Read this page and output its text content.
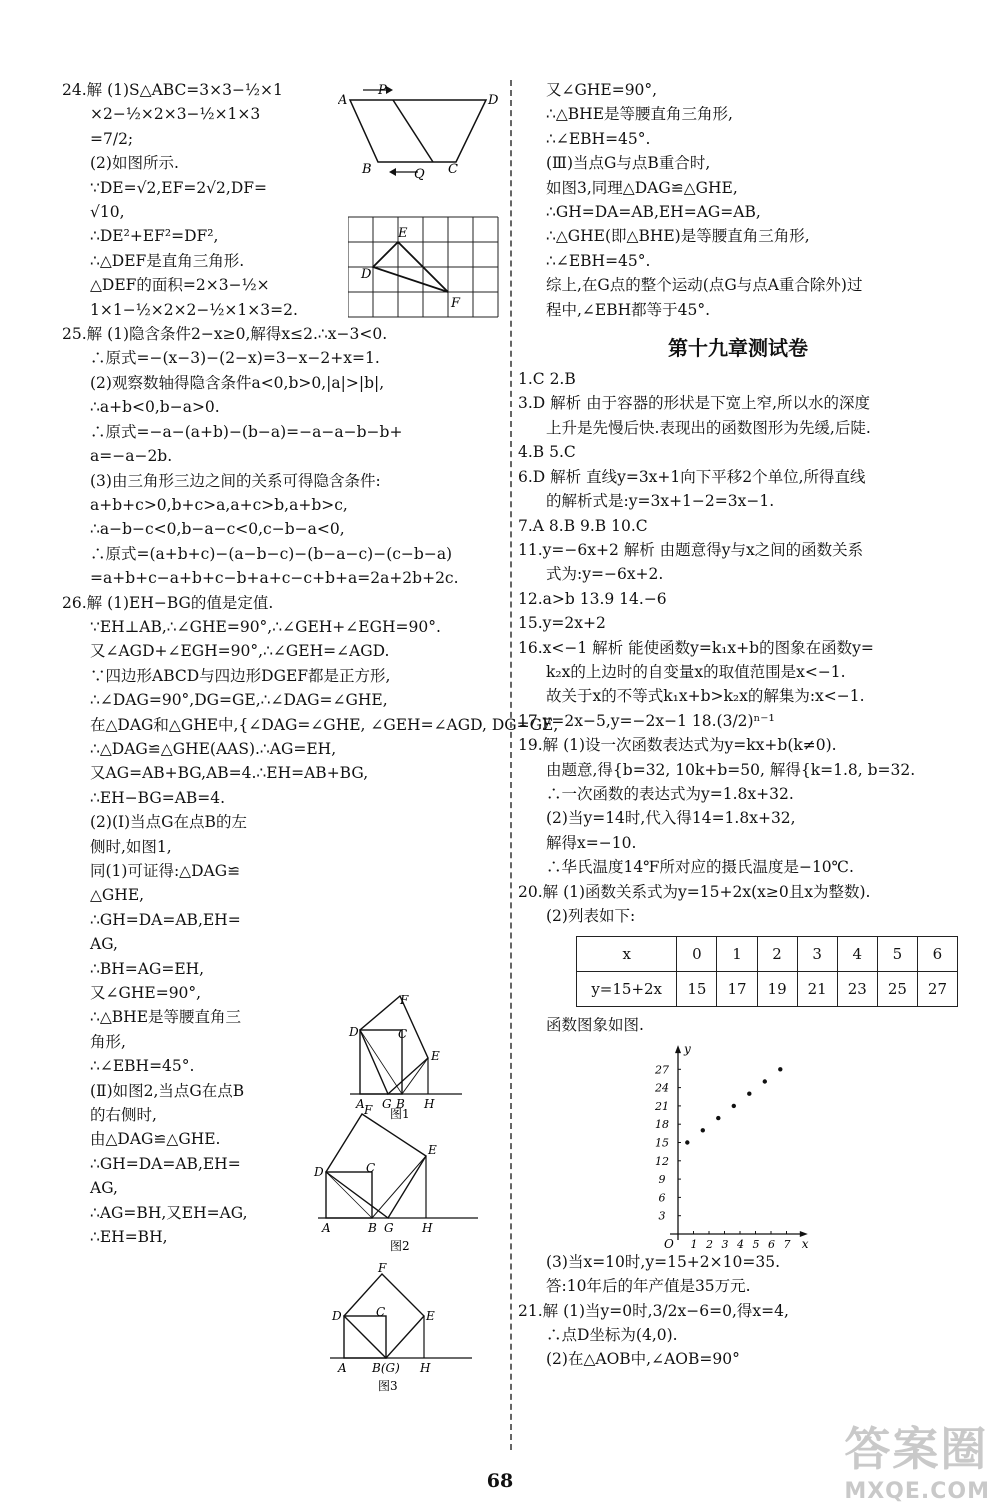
24.解 (1)S△ABC=3×3−½×1
×2−½×2×3−½×1×3
=7/2;
(2)如图所示.
∵DE=√2,EF=2√2,DF=
√10,
∴DE²+EF²=DF²,
∴△DEF是直角三角形.
△DEF的面积=2×3−½×
1×1−½×2×2−½×1×3=2.
25.解 (1)隐含条件2−x≥0,解得x≤2.∴x−3<0.
∴原式=−(x−3)−(2−x)=3−x−2+x=1.
(2)观察数轴得隐含条件a<0,b>0,|a|>|b|,
∴a+b<0,b−a>0.
∴原式=−a−(a+b)−(b−a)=−a−a−b−b+
a=−a−2b.
(3)由三角形三边之间的关系可得隐含条件:
a+b+c>0,b+c>a,a+c>b,a+b>c,
∴a−b−c<0,b−a−c<0,c−b−a<0,
∴原式=(a+b+c)−(a−b−c)−(b−a−c)−(c−b−a)
=a+b+c−a+b+c−b+a+c−c+b+a=2a+2b+2c.
26.解 (1)EH−BG的值是定值.
∵EH⊥AB,∴∠GHE=90°,∴∠GEH+∠EGH=90°.
又∠AGD+∠EGH=90°,∴∠GEH=∠AGD.
∵四边形ABCD与四边形DGEF都是正方形,
∴∠DAG=90°,DG=GE,∴∠DAG=∠GHE,
在△DAG和△GHE中,{∠DAG=∠GHE, ∠GEH=∠AGD, DG=GE,
∴△DAG≌△GHE(AAS).∴AG=EH,
又AG=AB+BG,AB=4.∴EH=AB+BG,
∴EH−BG=AB=4.
(2)(Ⅰ)当点G在点B的左
侧时,如图1,
同(1)可证得:△DAG≌
△GHE,
∴GH=DA=AB,EH=
AG,
∴BH=AG=EH,
又∠GHE=90°,
∴△BHE是等腰直角三
角形,
∴∠EBH=45°.
(Ⅱ)如图2,当点G在点B
的右侧时,
由△DAG≌△GHE.
∴GH=DA=AB,EH=
AG,
∴AG=BH,又EH=AG,
∴EH=BH,
A
P
D
B	Q C
E
D
F
F
C
D
E
A G B H
图1
F
E
D	C
A	B G H
图2
F
D	C	E
A B(G) H
图3
又∠GHE=90°,
∴△BHE是等腰直角三角形,
∴∠EBH=45°.
(Ⅲ)当点G与点B重合时,
如图3,同理△DAG≌△GHE,
∴GH=DA=AB,EH=AG=AB,
∴△GHE(即△BHE)是等腰直角三角形,
∴∠EBH=45°.
综上,在G点的整个运动(点G与点A重合除外)过
程中,∠EBH都等于45°.
第十九章测试卷
1.C 2.B
3.D 解析 由于容器的形状是下宽上窄,所以水的深度
上升是先慢后快.表现出的函数图形为先缓,后陡.
4.B 5.C
6.D 解析 直线y=3x+1向下平移2个单位,所得直线
的解析式是:y=3x+1−2=3x−1.
7.A 8.B 9.B 10.C
11.y=−6x+2 解析 由题意得y与x之间的函数关系
式为:y=−6x+2.
12.a>b 13.9 14.−6
15.y=2x+2
16.x<−1 解析 能使函数y=k₁x+b的图象在函数y=
k₂x的上边时的自变量x的取值范围是x<−1.
故关于x的不等式k₁x+b>k₂x的解集为:x<−1.
17.y=2x−5,y=−2x−1 18.(3/2)ⁿ⁻¹
19.解 (1)设一次函数表达式为y=kx+b(k≠0).
由题意,得{b=32, 10k+b=50, 解得{k=1.8, b=32.
∴一次函数的表达式为y=1.8x+32.
(2)当y=14时,代入得14=1.8x+32,
解得x=−10.
∴华氏温度14℉所对应的摄氏温度是−10℃.
20.解 (1)函数关系式为y=15+2x(x≥0且x为整数).
(2)列表如下:
x	0	1	2	3	4	5	6
y=15+2x	15	17	19	21	23	25	27
函数图象如图.
1 2 3 4 5 6 7
3
6
9
12
15
18
21
24
27
x
y
O
(3)当x=10时,y=15+2×10=35.
答:10年后的年产值是35万元.
21.解 (1)当y=0时,3/2x−6=0,得x=4,
∴点D坐标为(4,0).
(2)在△AOB中,∠AOB=90°
68
答案圈
MXQE.COM
